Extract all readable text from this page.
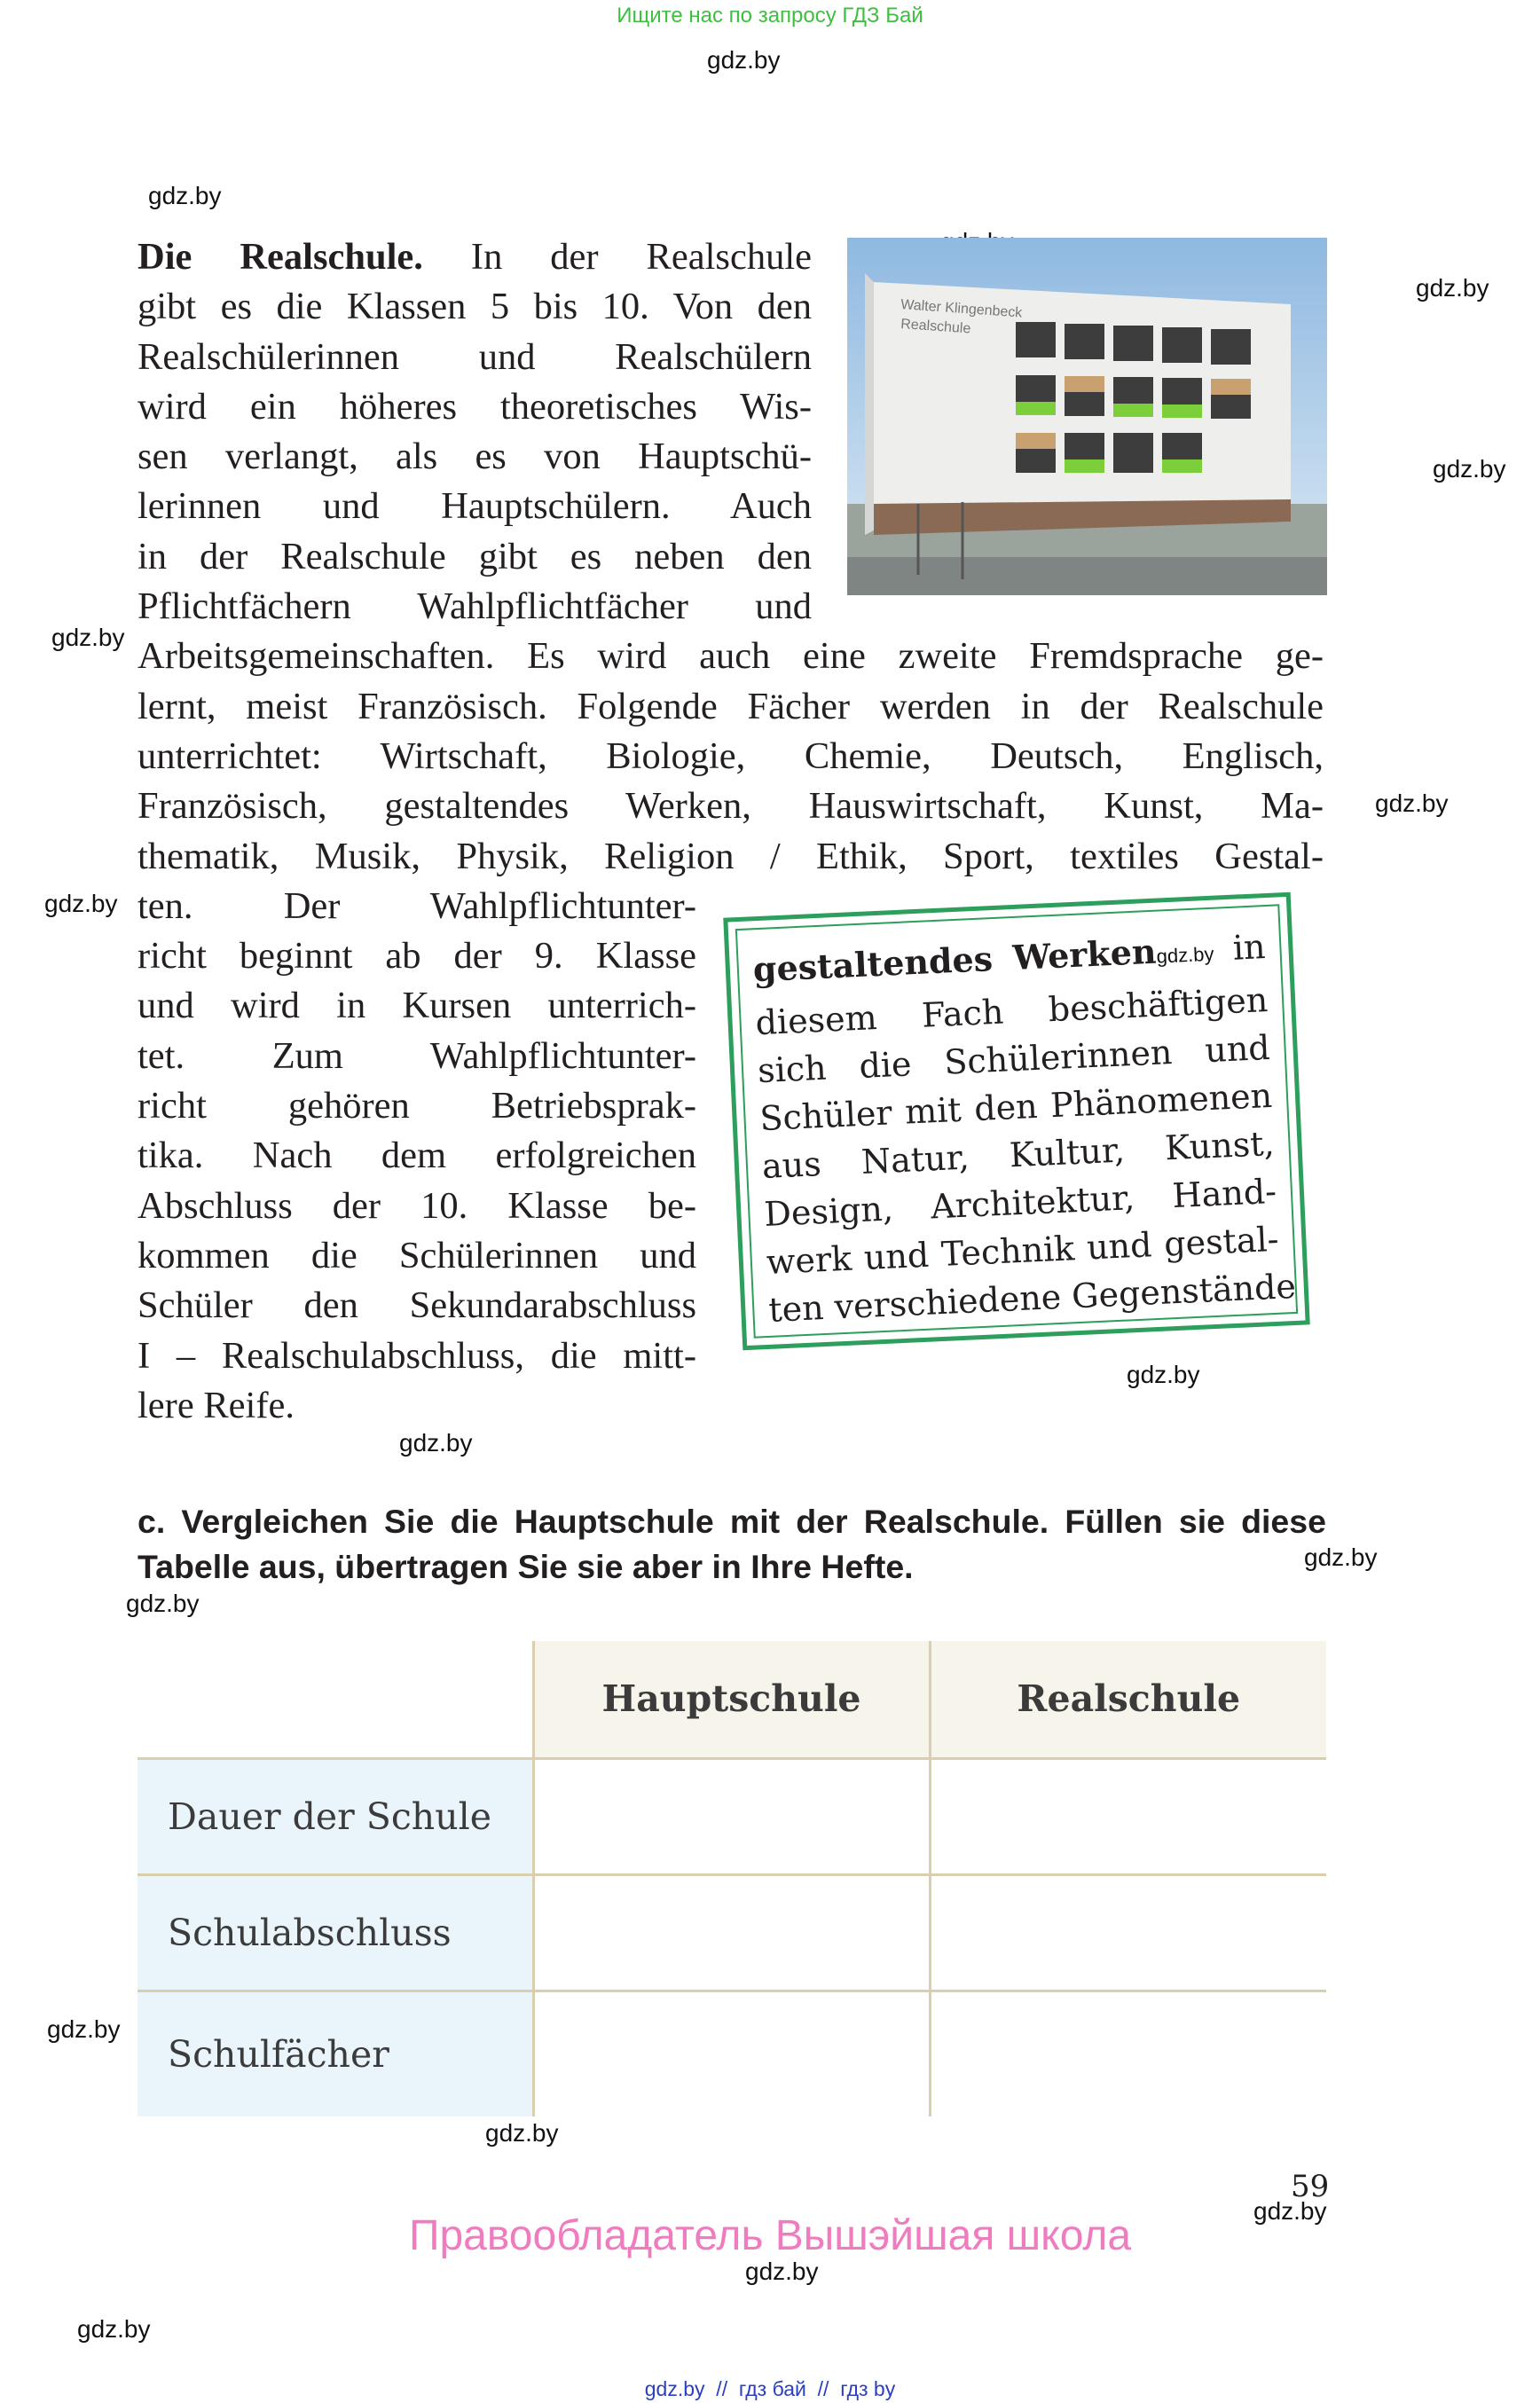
Ищите нас по запросу ГДЗ Бай
gdz.by
gdz.by
gdz.by
gdz.by
gdz.by
gdz.by
gdz.by
gdz.by
gdz.by
gdz.by
gdz.by
gdz.by
gdz.by
gdz.by
gdz.by
gdz.by
Walter Klingenbeck
Realschule
Die Realschule. In der Realschule
gibt es die Klassen 5 bis 10. Von den
Realschülerinnen und Realschülern
wird ein höheres theoretisches Wis-
sen verlangt, als es von Hauptschü-
lerinnen und Hauptschülern. Auch
in der Realschule gibt es neben den
Pflichtfächern Wahlpflichtfächer und
Arbeitsgemeinschaften. Es wird auch eine zweite Fremdsprache ge-
lernt, meist Französisch. Folgende Fächer werden in der Realschule
unterrichtet: Wirtschaft, Biologie, Chemie, Deutsch, Englisch,
Französisch, gestaltendes Werken, Hauswirtschaft, Kunst, Ma-
thematik, Musik, Physik, Religion / Ethik, Sport, textiles Gestal-
ten. Der Wahlpflichtunter-
richt beginnt ab der 9. Klasse
und wird in Kursen unterrich-
tet. Zum Wahlpflichtunter-
richt gehören Betriebsprak-
tika. Nach dem erfolgreichen
Abschluss der 10. Klasse be-
kommen die Schülerinnen und
Schüler den Sekundarabschluss
I – Realschulabschluss, die mitt-
lere Reife.
gestaltendes Werkengdz.by in
diesem Fach beschäftigen
sich die Schülerinnen und
Schüler mit den Phänomenen
aus Natur, Kultur, Kunst,
Design, Architektur, Hand-
werk und Technik und gestal-
ten verschiedene Gegenstände
c. Vergleichen Sie die Hauptschule mit der Realschule. Füllen sie diese Tabelle aus, übertragen Sie sie aber in Ihre Hefte.
	Hauptschule	Realschule
Dauer der Schule		
Schulabschluss		
Schulfächer		
59
Правообладатель Вышэйшая школа
gdz.by  //  гдз бай  //  гдз by
